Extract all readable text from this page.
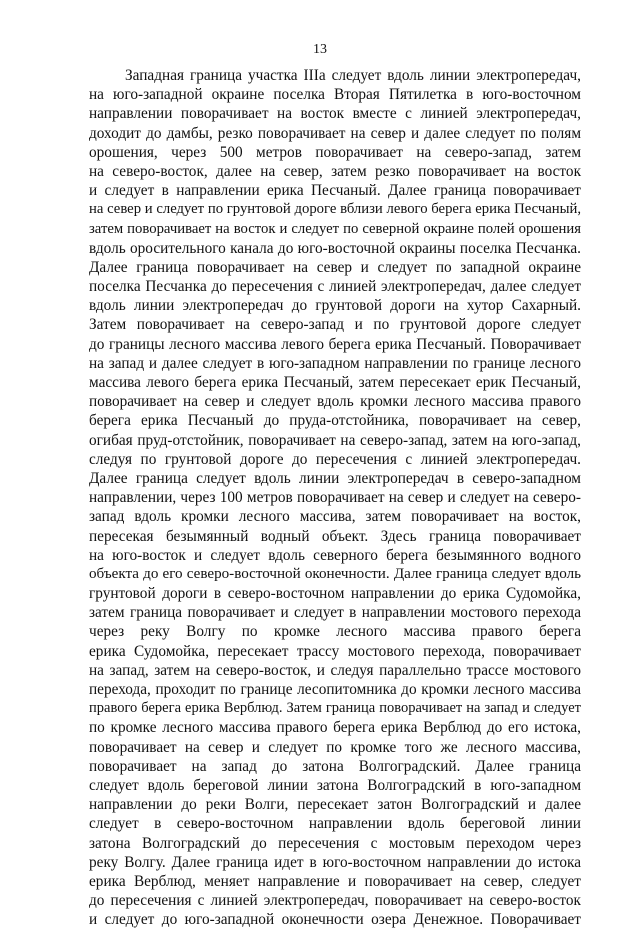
13
Западная граница участка IIIа следует вдоль линии электропередач,
на юго-западной окраине поселка Вторая Пятилетка в юго-восточном
направлении поворачивает на восток вместе с линией электропередач,
доходит до дамбы, резко поворачивает на север и далее следует по полям
орошения, через 500 метров поворачивает на северо-запад, затем
на северо-восток, далее на север, затем резко поворачивает на восток
и следует в направлении ерика Песчаный. Далее граница поворачивает
на север и следует по грунтовой дороге вблизи левого берега ерика Песчаный,
затем поворачивает на восток и следует по северной окраине полей орошения
вдоль оросительного канала до юго-восточной окраины поселка Песчанка.
Далее граница поворачивает на север и следует по западной окраине
поселка Песчанка до пересечения с линией электропередач, далее следует
вдоль линии электропередач до грунтовой дороги на хутор Сахарный.
Затем поворачивает на северо-запад и по грунтовой дороге следует
до границы лесного массива левого берега ерика Песчаный. Поворачивает
на запад и далее следует в юго-западном направлении по границе лесного
массива левого берега ерика Песчаный, затем пересекает ерик Песчаный,
поворачивает на север и следует вдоль кромки лесного массива правого
берега ерика Песчаный до пруда-отстойника, поворачивает на север,
огибая пруд-отстойник, поворачивает на северо-запад, затем на юго-запад,
следуя по грунтовой дороге до пересечения с линией электропередач.
Далее граница следует вдоль линии электропередач в северо-западном
направлении, через 100 метров поворачивает на север и следует на северо-
запад вдоль кромки лесного массива, затем поворачивает на восток,
пересекая безымянный водный объект. Здесь граница поворачивает
на юго-восток и следует вдоль северного берега безымянного водного
объекта до его северо-восточной оконечности. Далее граница следует вдоль
грунтовой дороги в северо-восточном направлении до ерика Судомойка,
затем граница поворачивает и следует в направлении мостового перехода
через реку Волгу по кромке лесного массива правого берега
ерика Судомойка, пересекает трассу мостового перехода, поворачивает
на запад, затем на северо-восток, и следуя параллельно трассе мостового
перехода, проходит по границе лесопитомника до кромки лесного массива
правого берега ерика Верблюд. Затем граница поворачивает на запад и следует
по кромке лесного массива правого берега ерика Верблюд до его истока,
поворачивает на север и следует по кромке того же лесного массива,
поворачивает на запад до затона Волгоградский. Далее граница
следует вдоль береговой линии затона Волгоградский в юго-западном
направлении до реки Волги, пересекает затон Волгоградский и далее
следует в северо-восточном направлении вдоль береговой линии
затона Волгоградский до пересечения с мостовым переходом через
реку Волгу. Далее граница идет в юго-восточном направлении до истока
ерика Верблюд, меняет направление и поворачивает на север, следует
до пересечения с линией электропередач, поворачивает на северо-восток
и следует до юго-западной оконечности озера Денежное. Поворачивает
